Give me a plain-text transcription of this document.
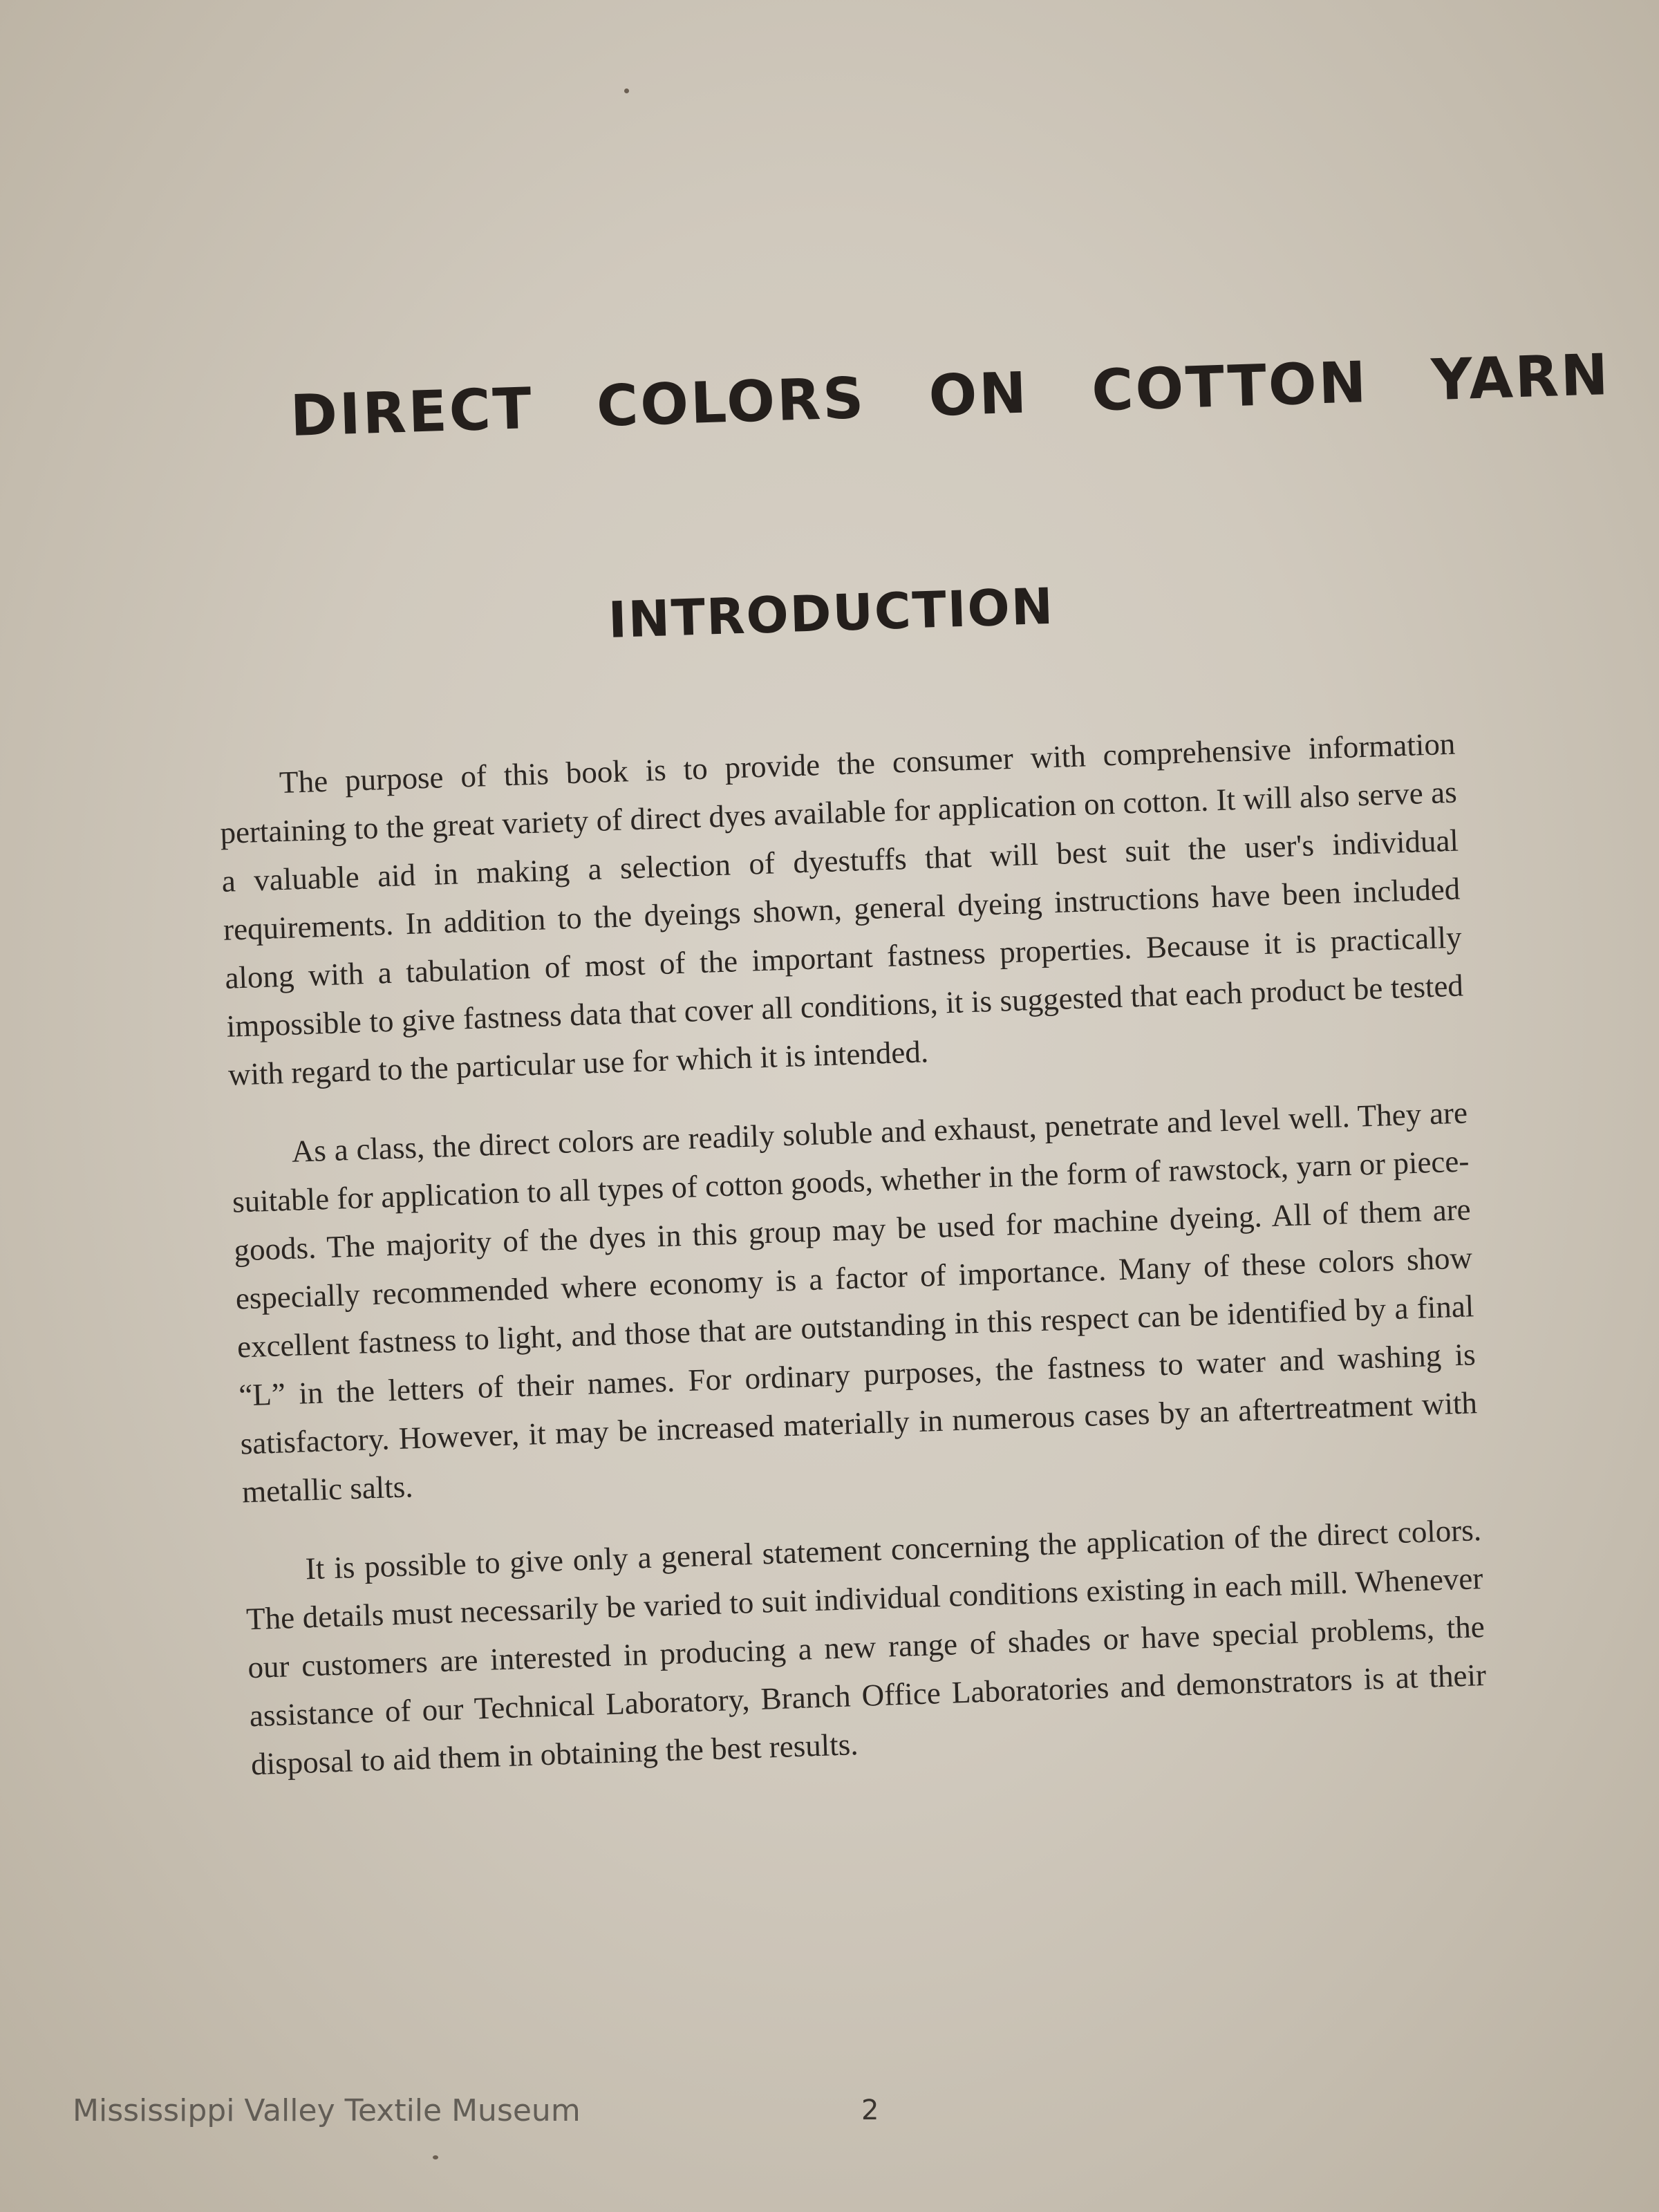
DIRECT COLORS ON COTTON YARN
INTRODUCTION

The purpose of this book is to provide the consumer with comprehensive information pertaining to the great variety of direct dyes available for application on cotton. It will also serve as a valuable aid in making a selection of dyestuffs that will best suit the user's individual requirements. In addition to the dyeings shown, general dyeing instructions have been included along with a tabulation of most of the important fastness properties. Because it is practically impossible to give fastness data that cover all conditions, it is suggested that each product be tested with regard to the particular use for which it is intended.

As a class, the direct colors are readily soluble and exhaust, penetrate and level well. They are suitable for application to all types of cotton goods, whether in the form of rawstock, yarn or piece-goods. The majority of the dyes in this group may be used for machine dyeing. All of them are especially recommended where economy is a factor of importance. Many of these colors show excellent fastness to light, and those that are outstanding in this respect can be identified by a final “L” in the letters of their names. For ordinary purposes, the fastness to water and washing is satisfactory. However, it may be increased materially in numerous cases by an aftertreatment with metallic salts.

It is possible to give only a general statement concerning the application of the direct colors. The details must necessarily be varied to suit individual conditions existing in each mill. Whenever our customers are interested in producing a new range of shades or have special problems, the assistance of our Technical Laboratory, Branch Office Laboratories and demonstrators is at their disposal to aid them in obtaining the best results.

Mississippi Valley Textile Museum	2
